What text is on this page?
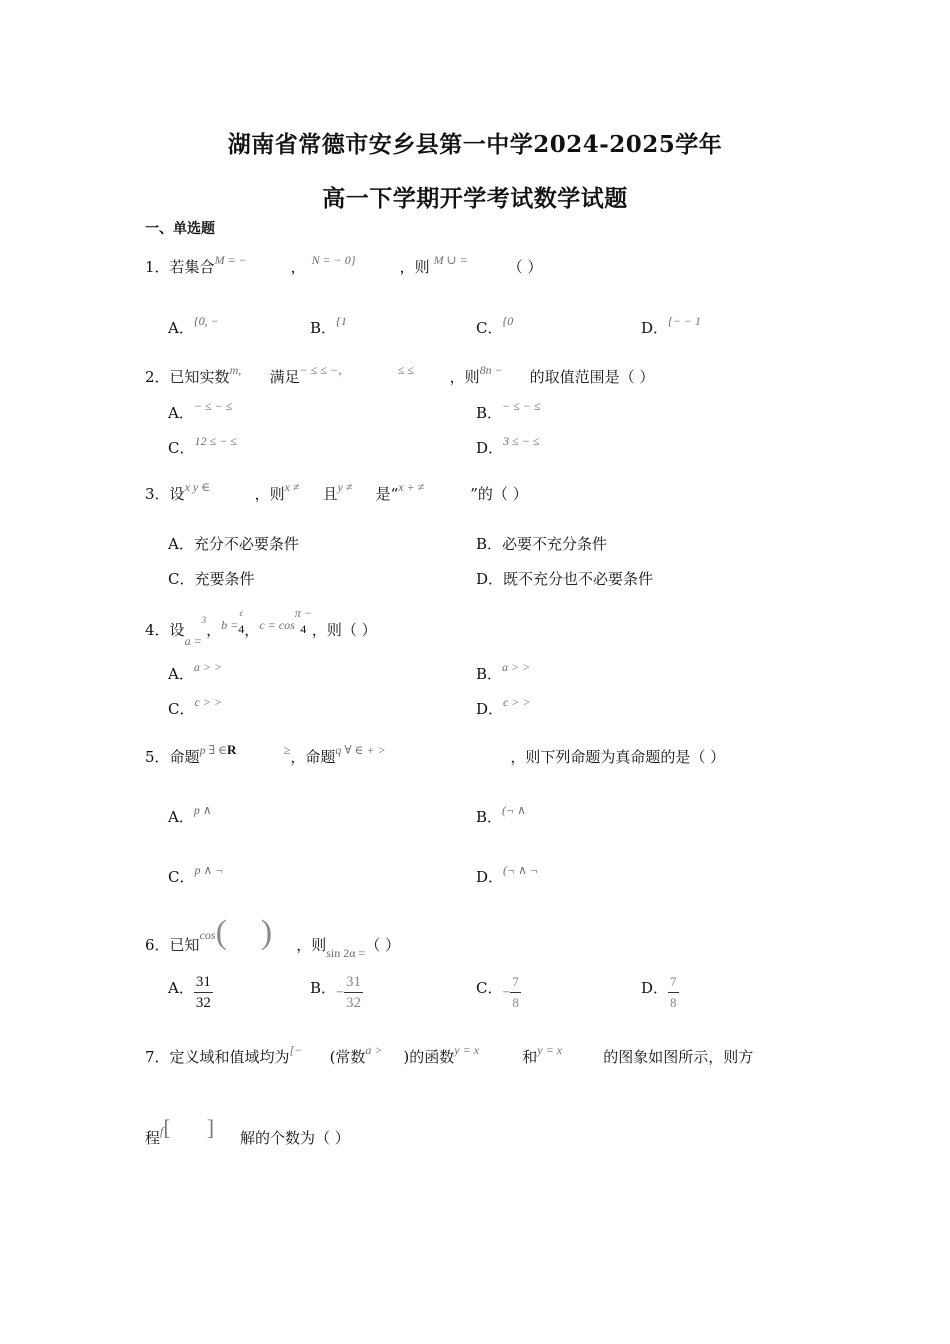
湖南省常德市安乡县第一中学2024-2025学年
高一下学期开学考试数学试题
一、单选题
1．若集合M = −	， N = − 0}	，则 M ∪ =	（ ）
A．$^{\{0, -}$	B．$^{\{1}$	C．$^{\{0}$	D．$^{\{- - 1}$
2．已知实数m, 满足− ≤ ≤ −，	≤ ≤ ，则8n − 的取值范围是（ ）
A．− ≤ − ≤	B．− ≤ − ≤
C．$^{12 \le - \le}$	D．$^{3 \le - \le}$
3．设x y ∈	，则x ≠ 且y ≠ 是“x + ≠	”的（ ）
A．充分不必要条件	B．必要不充分条件
C．充要条件	D．既不充分也不必要条件
4．设$_{a =}$3，$_{b =}$
ε
4 ，$_{c = cos}$
π −
4 ，则（ ）
A．$^{a > >}$	B．$^{a > >}$
C．$^{c > >}$	D．$^{c > >}$
5．命题$^{p \exists \in}$R	≥，命题q ∀ ∈ + >	，则下列命题为真命题的是（ ）
A．$^{p \wedge}$	B．(¬ ∧
C．$^{p \wedge \neg}$	D．(¬ ∧ ¬
6．已知$_{cos}$( ) ，则$_{sin 2\alpha =}$（ ）
A． $\frac{31}{32}$	B．− $\frac{31}{32}$	C．− $\frac{7}{8}$	D． $\frac{7}{8}$
7．定义域和值域均为[− (常数a > )的函数y = x	和y = x	的图象如图所示，则方
程$^f$[ ] 解的个数为（ ）
